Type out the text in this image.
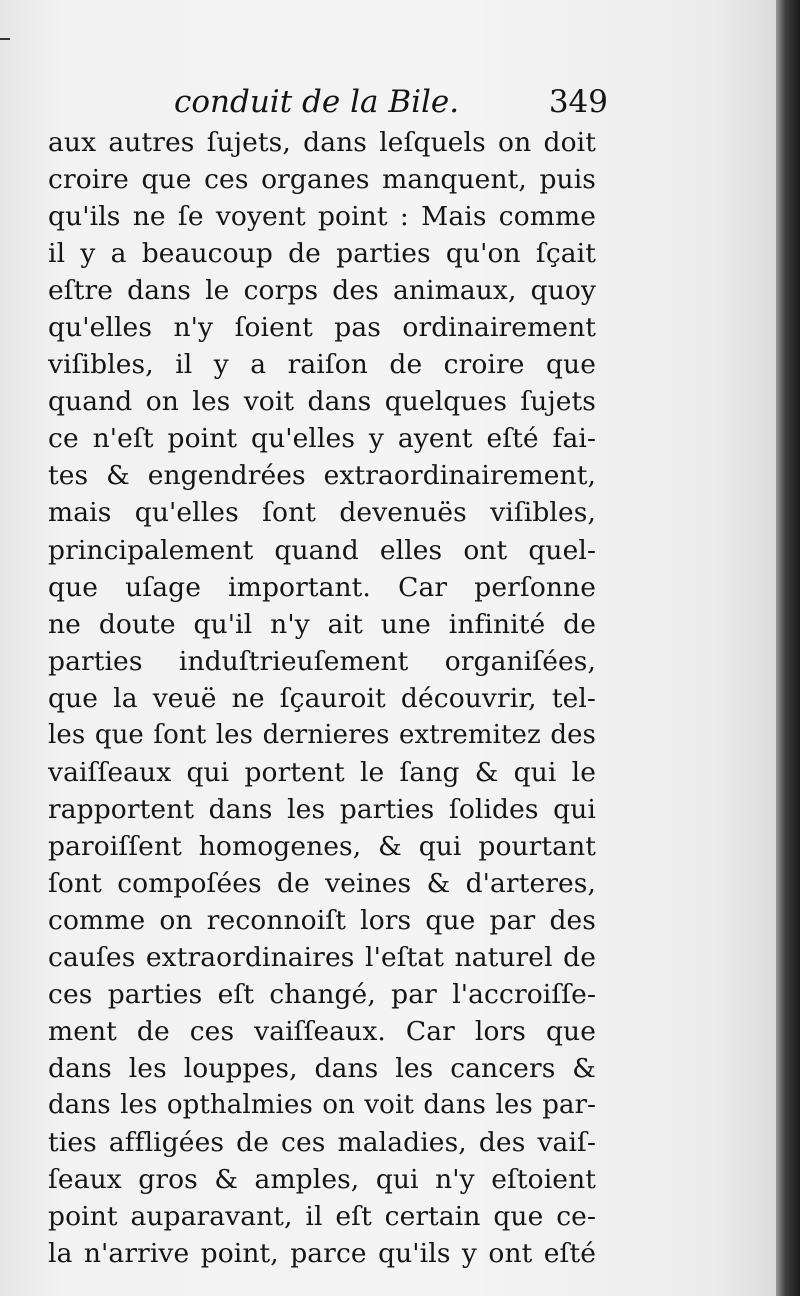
conduit de la Bile.	349
aux autres ſujets, dans leſquels on doit
croire que ces organes manquent, puis
qu'ils ne ſe voyent point : Mais comme
il y a beaucoup de parties qu'on ſçait
eſtre dans le corps des animaux, quoy
qu'elles n'y ſoient pas ordinairement
viſibles, il y a raiſon de croire que
quand on les voit dans quelques ſujets
ce n'eſt point qu'elles y ayent eſté fai-
tes & engendrées extraordinairement,
mais qu'elles ſont devenuës viſibles,
principalement quand elles ont quel-
que uſage important. Car perſonne
ne doute qu'il n'y ait une infinité de
parties induſtrieuſement organiſées,
que la veuë ne ſçauroit découvrir, tel-
les que ſont les dernieres extremitez des
vaiſſeaux qui portent le ſang & qui le
rapportent dans les parties ſolides qui
paroiſſent homogenes, & qui pourtant
ſont compoſées de veines & d'arteres,
comme on reconnoiſt lors que par des
cauſes extraordinaires l'eſtat naturel de
ces parties eſt changé, par l'accroiſſe-
ment de ces vaiſſeaux. Car lors que
dans les louppes, dans les cancers &
dans les opthalmies on voit dans les par-
ties affligées de ces maladies, des vaiſ-
ſeaux gros & amples, qui n'y eſtoient
point auparavant, il eſt certain que ce-
la n'arrive point, parce qu'ils y ont eſté
